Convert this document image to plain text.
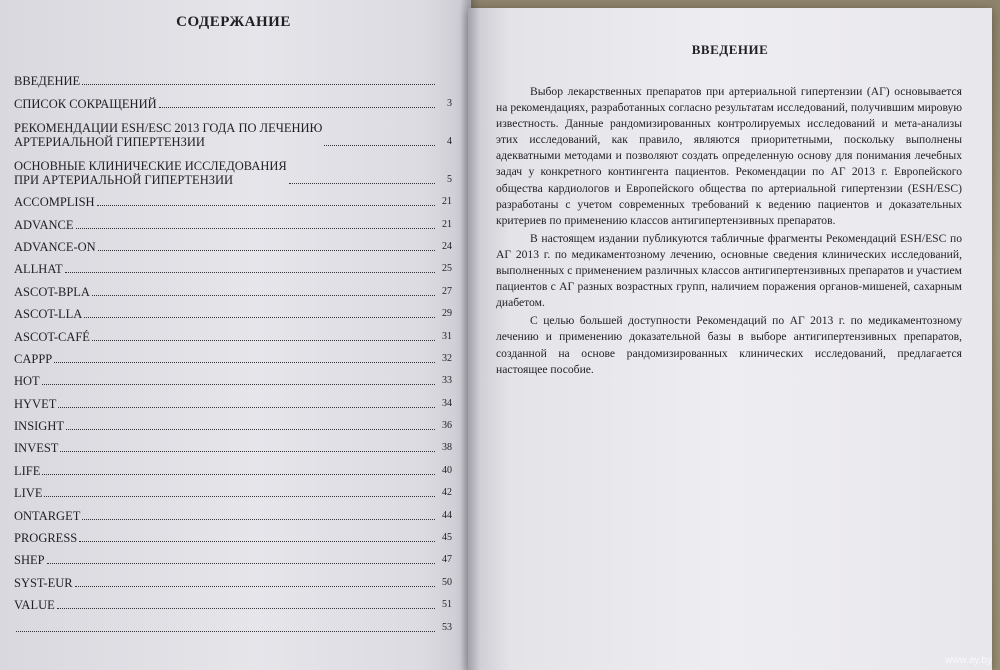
СОДЕРЖАНИЕ
ВВЕДЕНИЕ
СПИСОК СОКРАЩЕНИЙ	3
РЕКОМЕНДАЦИИ ESH/ESC 2013 ГОДА ПО ЛЕЧЕНИЮ
АРТЕРИАЛЬНОЙ ГИПЕРТЕНЗИИ	4
ОСНОВНЫЕ КЛИНИЧЕСКИЕ ИССЛЕДОВАНИЯ
ПРИ АРТЕРИАЛЬНОЙ ГИПЕРТЕНЗИИ	5
ACCOMPLISH	21
ADVANCE	21
ADVANCE-ON	24
ALLHAT	25
ASCOT-BPLA	27
ASCOT-LLA	29
ASCOT-CAFÉ	31
CAPPP	32
HOT	33
HYVET	34
INSIGHT	36
INVEST	38
LIFE	40
LIVE	42
ONTARGET	44
PROGRESS	45
SHEP	47
SYST-EUR	50
VALUE	51
53
ВВЕДЕНИЕ

Выбор лекарственных препаратов при артериальной гипертензии (АГ) основывается на рекомендациях, разработанных согласно результатам исследований, получившим мировую известность. Данные рандомизированных контролируемых исследований и мета-анализы этих исследований, как правило, являются приоритетными, поскольку выполнены адекватными методами и позволяют создать определенную основу для понимания лечебных задач у конкретного контингента пациентов. Рекомендации по АГ 2013 г. Европейского общества кардиологов и Европейского общества по артериальной гипертензии (ESH/ESC) разработаны с учетом современных требований к ведению пациентов и доказательных критериев по применению классов антигипертензивных препаратов.

В настоящем издании публикуются табличные фрагменты Рекомендаций ESH/ESC по АГ 2013 г. по медикаментозному лечению, основные сведения клинических исследований, выполненных с применением различных классов антигипертензивных препаратов и участием пациентов с АГ разных возрастных групп, наличием поражения органов-мишеней, сахарным диабетом.

С целью большей доступности Рекомендаций по АГ 2013 г. по медикаментозному лечению и применению доказательной базы в выборе антигипертензивных препаратов, созданной на основе рандомизированных клинических исследований, предлагается настоящее пособие.

www.ay.by
